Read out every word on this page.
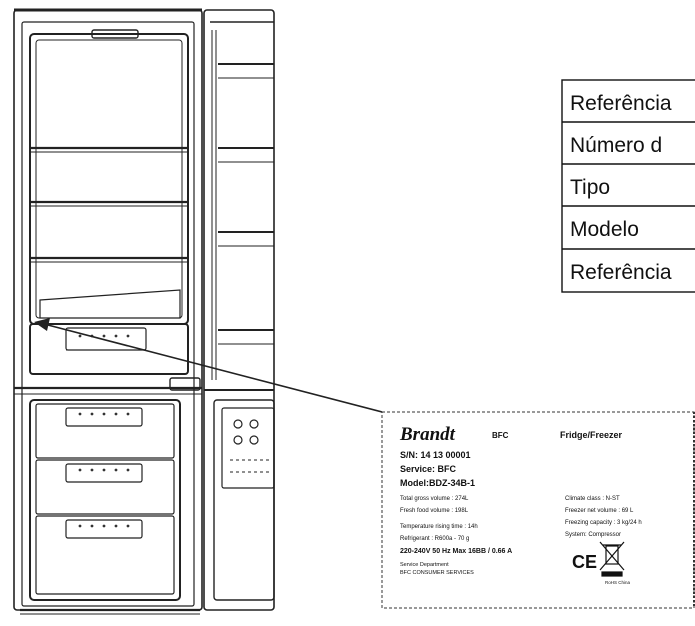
Referência
Número d
Tipo
Modelo
Referência
Brandt	BFC	Fridge/Freezer
S/N: 14 13 00001
Service: BFC
Model:BDZ-34B-1
Total gross volume : 274L
Fresh food volume : 198L
Temperature rising time : 14h
Refrigerant : R600a - 70 g
220-240V 50 Hz Max 16BB / 0.66 A
Service Department
BFC CONSUMER SERVICES
Climate class : N-ST
Freezer net volume : 69 L
Freezing capacity : 3 kg/24 h
System: Compressor
CE
RoHS China
